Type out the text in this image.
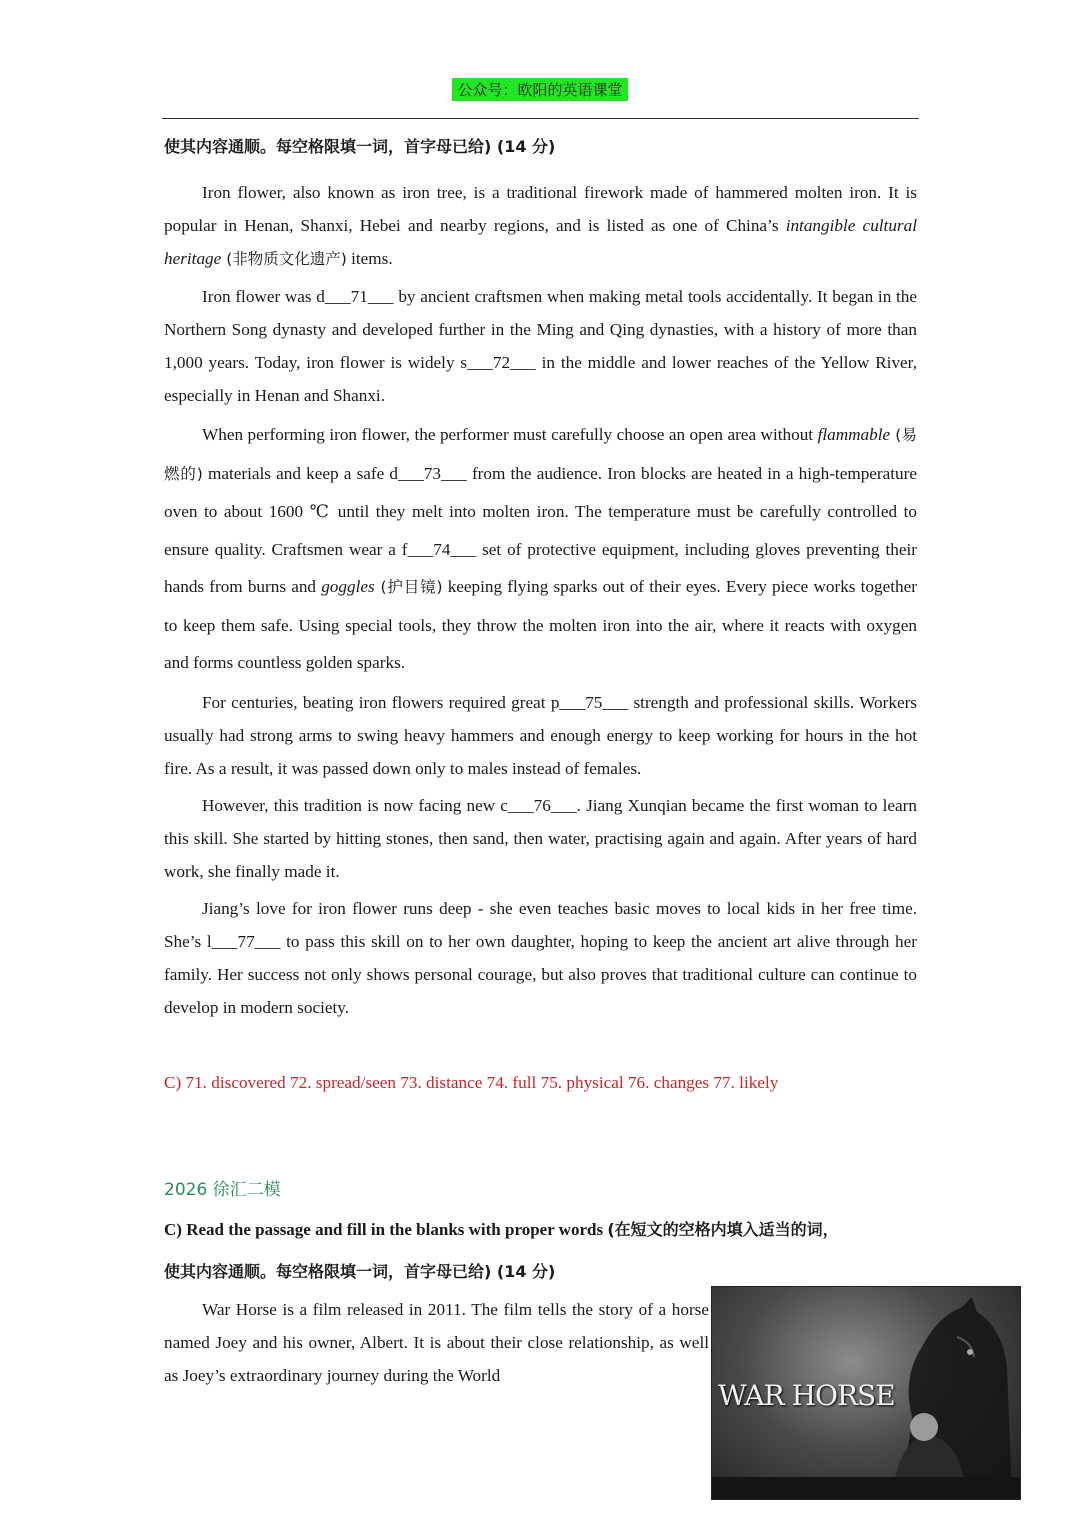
公众号：欧阳的英语课堂
使其内容通顺。每空格限填一词，首字母已给) (14 分)

Iron flower, also known as iron tree, is a traditional firework made of hammered molten iron. It is popular in Henan, Shanxi, Hebei and nearby regions, and is listed as one of China’s intangible cultural heritage (非物质文化遗产) items.

Iron flower was d___71___ by ancient craftsmen when making metal tools accidentally. It began in the Northern Song dynasty and developed further in the Ming and Qing dynasties, with a history of more than 1,000 years. Today, iron flower is widely s___72___ in the middle and lower reaches of the Yellow River, especially in Henan and Shanxi.

When performing iron flower, the performer must carefully choose an open area without flammable (易燃的) materials and keep a safe d___73___ from the audience. Iron blocks are heated in a high-temperature oven to about 1600 ℃ until they melt into molten iron. The temperature must be carefully controlled to ensure quality. Craftsmen wear a f___74___ set of protective equipment, including gloves preventing their hands from burns and goggles (护目镜) keeping flying sparks out of their eyes. Every piece works together to keep them safe. Using special tools, they throw the molten iron into the air, where it reacts with oxygen and forms countless golden sparks.

For centuries, beating iron flowers required great p___75___ strength and professional skills. Workers usually had strong arms to swing heavy hammers and enough energy to keep working for hours in the hot fire. As a result, it was passed down only to males instead of females.

However, this tradition is now facing new c___76___. Jiang Xunqian became the first woman to learn this skill. She started by hitting stones, then sand, then water, practising again and again. After years of hard work, she finally made it.

Jiang’s love for iron flower runs deep - she even teaches basic moves to local kids in her free time. She’s l___77___ to pass this skill on to her own daughter, hoping to keep the ancient art alive through her family. Her success not only shows personal courage, but also proves that traditional culture can continue to develop in modern society.

C) 71. discovered 72. spread/seen 73. distance 74. full 75. physical 76. changes 77. likely
2026 徐汇二模
C) Read the passage and fill in the blanks with proper words (在短文的空格内填入适当的词，
使其内容通顺。每空格限填一词，首字母已给) (14 分)

War Horse is a film released in 2011. The film tells the story of a horse named Joey and his owner, Albert. It is about their close relationship, as well as Joey’s extraordinary journey during the World

WAR HORSE
